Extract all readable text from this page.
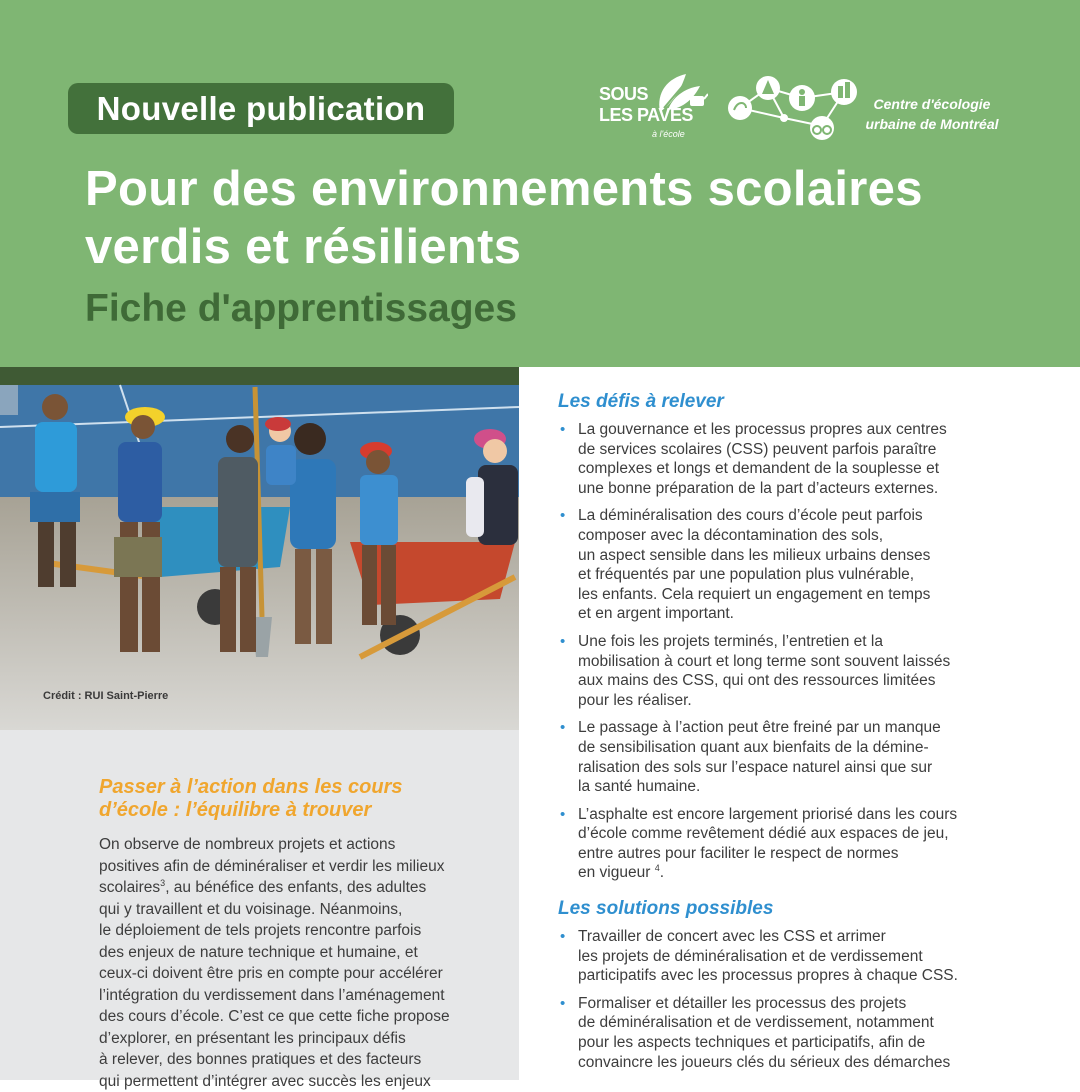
Nouvelle publication	SOUS
LES PAVÉS
à l'école
Centre d'écologie
urbaine de Montréal
Pour des environnements scolaires
verdis et résilients
Fiche d'apprentissages
Crédit : RUI Saint-Pierre
Passer à l’action dans les cours
d’école : l’équilibre à trouver
On observe de nombreux projets et actions
positives afin de déminéraliser et verdir les milieux
scolaires$^3$, au bénéfice des enfants, des adultes
qui y travaillent et du voisinage. Néanmoins,
le déploiement de tels projets rencontre parfois
des enjeux de nature technique et humaine, et
ceux-ci doivent être pris en compte pour accélérer
l’intégration du verdissement dans l’aménagement
des cours d’école. C’est ce que cette fiche propose
d’explorer, en présentant les principaux défis
à relever, des bonnes pratiques et des facteurs
qui permettent d’intégrer avec succès les enjeux
Les défis à relever
• La gouvernance et les processus propres aux centres
de services scolaires (CSS) peuvent parfois paraître
complexes et longs et demandent de la souplesse et
une bonne préparation de la part d’acteurs externes.
• La déminéralisation des cours d’école peut parfois
composer avec la décontamination des sols,
un aspect sensible dans les milieux urbains denses
et fréquentés par une population plus vulnérable,
les enfants. Cela requiert un engagement en temps
et en argent important.
• Une fois les projets terminés, l’entretien et la
mobilisation à court et long terme sont souvent laissés
aux mains des CSS, qui ont des ressources limitées
pour les réaliser.
• Le passage à l’action peut être freiné par un manque
de sensibilisation quant aux bienfaits de la démine-
ralisation des sols sur l’espace naturel ainsi que sur
la santé humaine.
• L’asphalte est encore largement priorisé dans les cours
d’école comme revêtement dédié aux espaces de jeu,
entre autres pour faciliter le respect de normes
en vigueur $^4$.
Les solutions possibles
• Travailler de concert avec les CSS et arrimer
les projets de déminéralisation et de verdissement
participatifs avec les processus propres à chaque CSS.
• Formaliser et détailler les processus des projets
de déminéralisation et de verdissement, notamment
pour les aspects techniques et participatifs, afin de
convaincre les joueurs clés du sérieux des démarches
